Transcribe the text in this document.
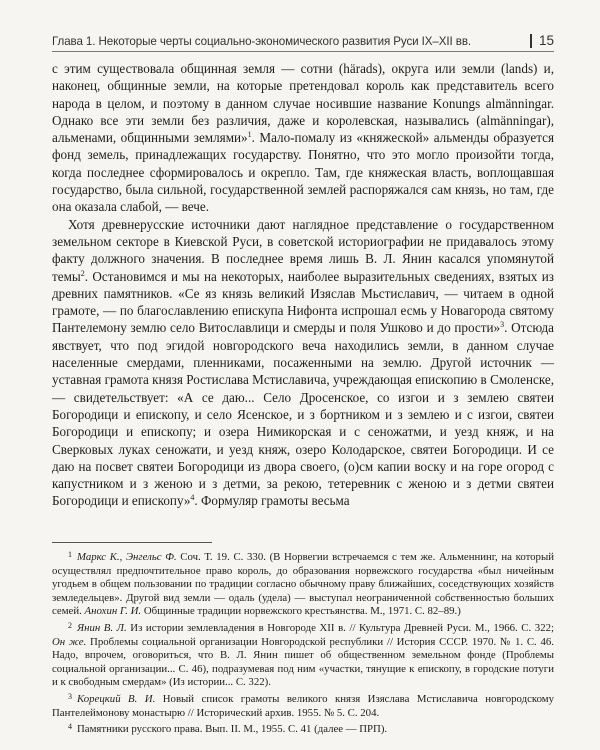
Глава 1. Некоторые черты социально-экономического развития Руси IX–XII вв.	15

с этим существовала общинная земля — сотни (härads), округа или земли (lands) и, наконец, общинные земли, на которые претендовал король как представитель всего народа в целом, и поэтому в данном случае носившие название Konungs almänningar. Однако все эти земли без различия, даже и королевская, назывались (almänningar), альменами, общинными землями»$^1$. Мало-помалу из «княжеской» альменды образуется фонд земель, принадлежащих государству. Понятно, что это могло произойти тогда, когда последнее сформировалось и окрепло. Там, где княжеская власть, воплощавшая государство, была сильной, государственной землей распоряжался сам князь, но там, где она оказала слабой, — вече.

Хотя древнерусские источники дают наглядное представление о государственном земельном секторе в Киевской Руси, в советской историографии не придавалось этому факту должного значения. В последнее время лишь В. Л. Янин касался упомянутой темы$^2$. Остановимся и мы на некоторых, наиболее выразительных сведениях, взятых из древних памятников. «Се яз князь великий Изяслав Мьстиславич, — читаем в одной грамоте, — по благославлению епискупа Нифонта испрошал есмь у Новагорода святому Пантелемону землю село Витославлици и смерды и поля Ушково и до прости»$^3$. Отсюда явствует, что под эгидой новгородского веча находились земли, в данном случае населенные смердами, пленниками, посаженными на землю. Другой источник — уставная грамота князя Ростислава Мстиславича, учреждающая епископию в Смоленске, — свидетельствует: «А се даю... Село Дросенское, со изгои и з землею святеи Богородици и епископу, и село Ясенское, и з бортником и з землею и с изгои, святеи Богородици и епископу; и озера Нимикорская и с сеножатми, и уезд княж, и на Сверковых луках сеножати, и уезд княж, озеро Колодарское, святеи Богородици. И се даю на посвет святеи Богородици из двора своего, (о)см капии воску и на горе огород с капустником и з женою и з детми, за рекою, тетеревник с женою и з детми святеи Богородици и епископу»$^4$. Формуляр грамоты весьма

$^1$ Маркс К., Энгельс Ф. Соч. Т. 19. С. 330. (В Норвегии встречаемся с тем же. Альменнинг, на который осуществлял предпочтительное право король, до образования норвежского государства «был ничейным угодьем в общем пользовании по традиции согласно обычному праву ближайших, соседствующих хозяйств земледельцев». Другой вид земли — одаль (удела) — выступал неограниченной собственностью больших семей. Анохин Г. И. Общинные традиции норвежского крестьянства. М., 1971. С. 82–89.)

$^2$ Янин В. Л. Из истории землевладения в Новгороде XII в. // Культура Древней Руси. М., 1966. С. 322; Он же. Проблемы социальной организации Новгородской республики // История СССР. 1970. № 1. С. 46. Надо, впрочем, оговориться, что В. Л. Янин пишет об общественном земельном фонде (Проблемы социальной организации... С. 46), подразумевая под ним «участки, тянущие к епископу, в городские потуги и к свободным смердам» (Из истории... С. 322).

$^3$ Корецкий В. И. Новый список грамоты великого князя Изяслава Мстиславича новгородскому Пантелеймонову монастырю // Исторический архив. 1955. № 5. С. 204.

$^4$ Памятники русского права. Вып. II. М., 1955. С. 41 (далее — ПРП).
